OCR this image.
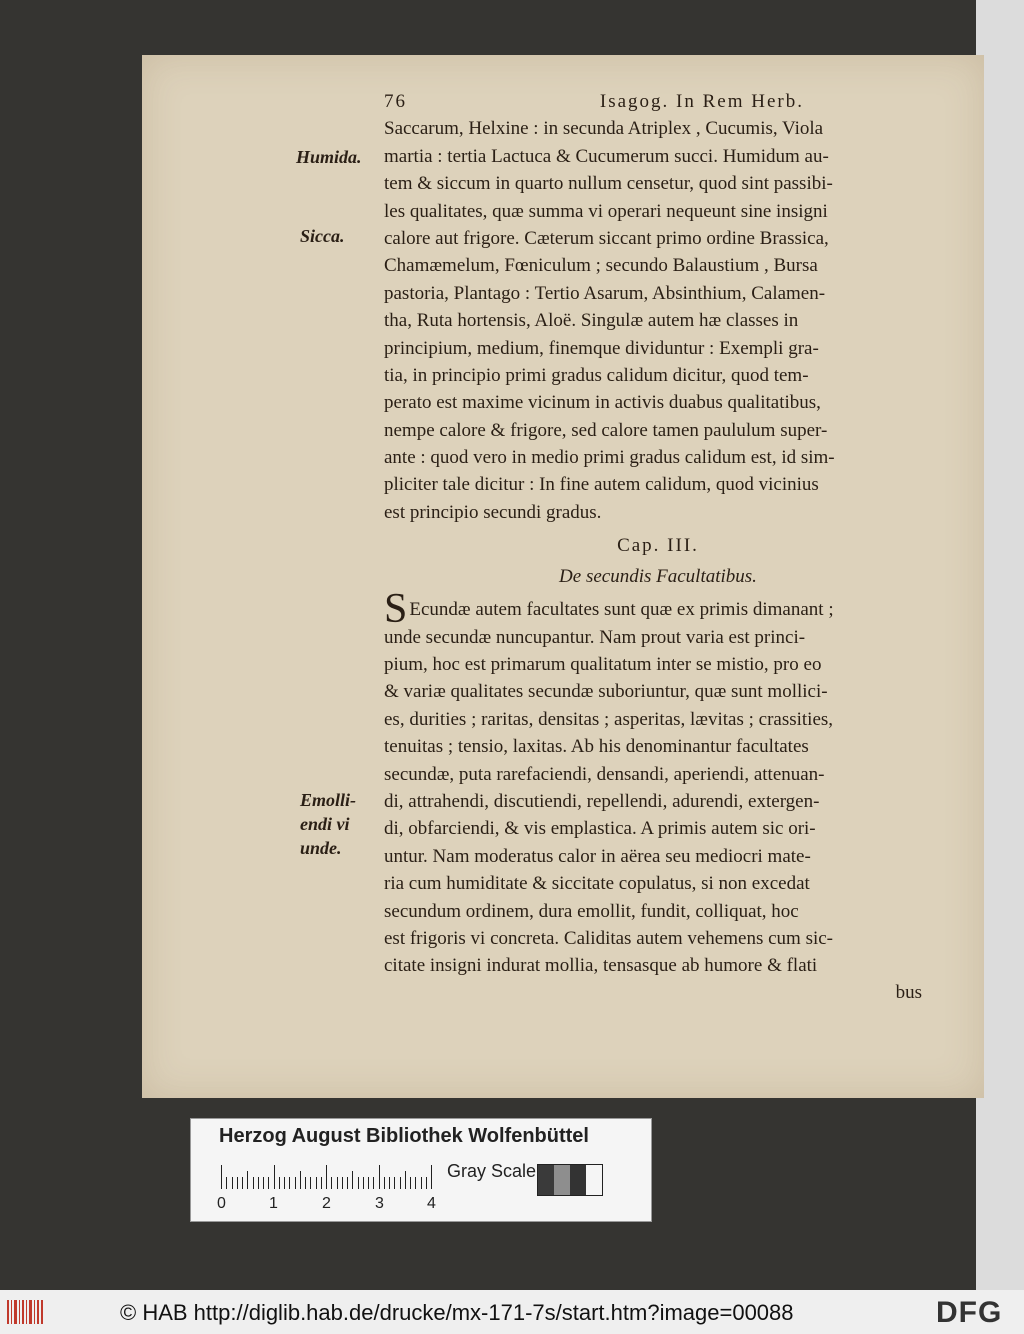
76	Isagog. In Rem Herb.
Saccarum, Helxine : in secunda Atriplex , Cucumis, Viola
martia : tertia Lactuca & Cucumerum succi. Humidum au-
tem & siccum in quarto nullum censetur, quod sint passibi-
les qualitates, quæ summa vi operari nequeunt sine insigni
calore aut frigore. Cæterum siccant primo ordine Brassica,
Chamæmelum, Fœniculum ; secundo Balaustium , Bursa
pastoria, Plantago : Tertio Asarum, Absinthium, Calamen-
tha, Ruta hortensis, Aloë. Singulæ autem hæ classes in
principium, medium, finemque dividuntur : Exempli gra-
tia, in principio primi gradus calidum dicitur, quod tem-
perato est maxime vicinum in activis duabus qualitatibus,
nempe calore & frigore, sed calore tamen paululum super-
ante : quod vero in medio primi gradus calidum est, id sim-
pliciter tale dicitur : In fine autem calidum, quod vicinius
est principio secundi gradus.
Cap. III.
De secundis Facultatibus.
S Ecundæ autem facultates sunt quæ ex primis dimanant ;
unde secundæ nuncupantur. Nam prout varia est princi-
pium, hoc est primarum qualitatum inter se mistio, pro eo
& variæ qualitates secundæ suboriuntur, quæ sunt mollici-
es, durities ; raritas, densitas ; asperitas, lævitas ; crassities,
tenuitas ; tensio, laxitas. Ab his denominantur facultates
secundæ, puta rarefaciendi, densandi, aperiendi, attenuan-
di, attrahendi, discutiendi, repellendi, adurendi, extergen-
di, obfarciendi, & vis emplastica. A primis autem sic ori-
untur. Nam moderatus calor in aërea seu mediocri mate-
ria cum humiditate & siccitate copulatus, si non excedat
secundum ordinem, dura emollit, fundit, colliquat, hoc
est frigoris vi concreta. Caliditas autem vehemens cum sic-
citate insigni indurat mollia, tensasque ab humore & flati
bus
Humida.
Sicca.
Emolli-
endi vi
unde.
Herzog August Bibliothek Wolfenbüttel
0	1	2	3	4
Gray Scale
© HAB http://diglib.hab.de/drucke/mx-171-7s/start.htm?image=00088	DFG
